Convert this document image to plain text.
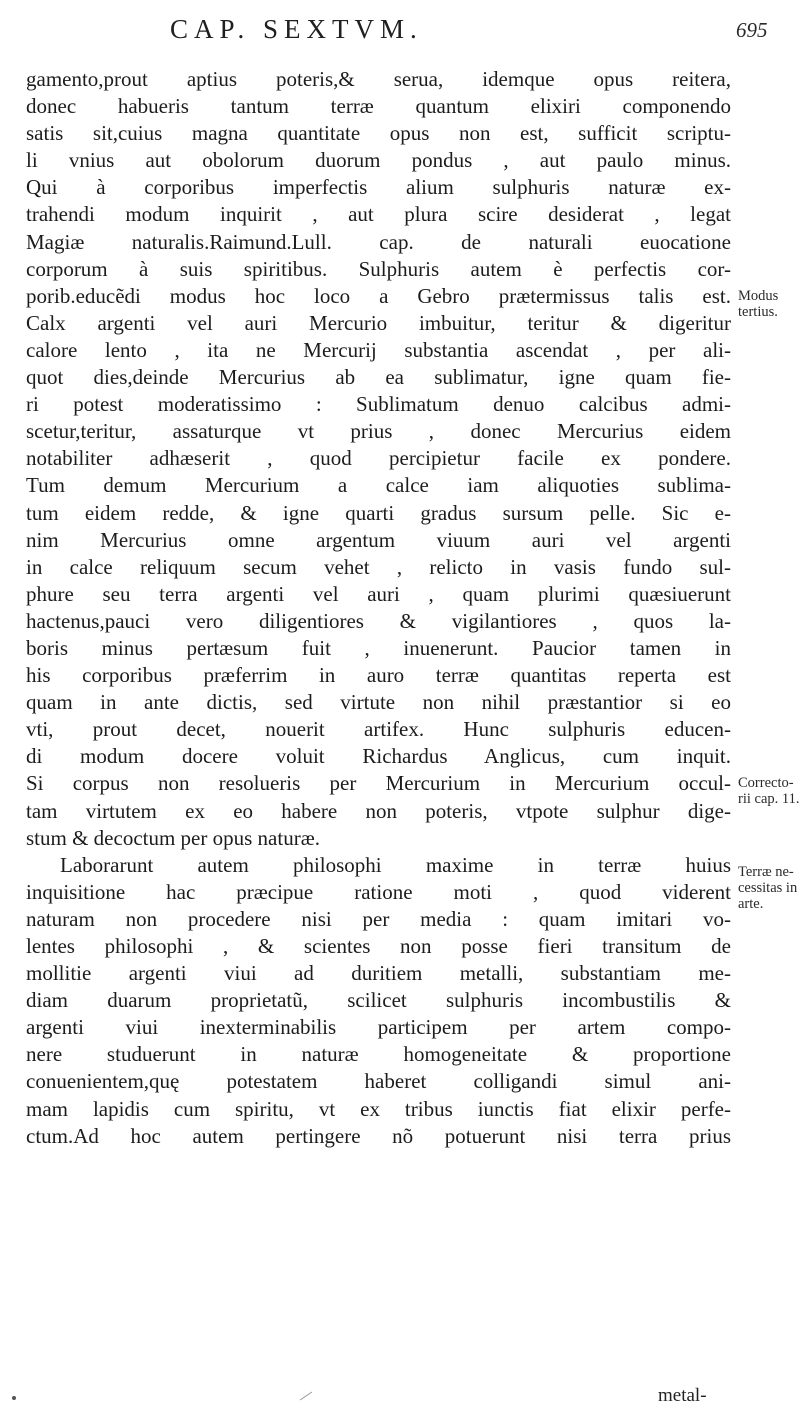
CAP. SEXTVM.	695
gamento,prout aptius poteris,& serua, idemque opus reitera,
donec habueris tantum terræ quantum elixiri componendo
satis sit,cuius magna quantitate opus non est, sufficit scriptu-
li vnius aut obolorum duorum pondus , aut paulo minus.
Qui à corporibus imperfectis alium sulphuris naturæ ex-
trahendi modum inquirit , aut plura scire desiderat , legat
Magiæ naturalis.Raimund.Lull. cap. de naturali euocatione
corporum à suis spiritibus. Sulphuris autem è perfectis cor-
porib.educẽdi modus hoc loco a Gebro prætermissus talis est.
Calx argenti vel auri Mercurio imbuitur, teritur & digeritur
calore lento , ita ne Mercurij substantia ascendat , per ali-
quot dies,deinde Mercurius ab ea sublimatur, igne quam fie-
ri potest moderatissimo : Sublimatum denuo calcibus admi-
scetur,teritur, assaturque vt prius , donec Mercurius eidem
notabiliter adhæserit , quod percipietur facile ex pondere.
Tum demum Mercurium a calce iam aliquoties sublima-
tum eidem redde, & igne quarti gradus sursum pelle. Sic e-
nim Mercurius omne argentum viuum auri vel argenti
in calce reliquum secum vehet , relicto in vasis fundo sul-
phure seu terra argenti vel auri , quam plurimi quæsiuerunt
hactenus,pauci vero diligentiores & vigilantiores , quos la-
boris minus pertæsum fuit , inuenerunt. Paucior tamen in
his corporibus præferrim in auro terræ quantitas reperta est
quam in ante dictis, sed virtute non nihil præstantior si eo
vti, prout decet, nouerit artifex. Hunc sulphuris educen-
di modum docere voluit Richardus Anglicus, cum inquit.
Si corpus non resolueris per Mercurium in Mercurium occul-
tam virtutem ex eo habere non poteris, vtpote sulphur dige-
stum & decoctum per opus naturæ.
Laborarunt autem philosophi maxime in terræ huius
inquisitione hac præcipue ratione moti , quod viderent
naturam non procedere nisi per media : quam imitari vo-
lentes philosophi , & scientes non posse fieri transitum de
mollitie argenti viui ad duritiem metalli, substantiam me-
diam duarum proprietatũ, scilicet sulphuris incombustilis &
argenti viui inexterminabilis participem per artem compo-
nere studuerunt in naturæ homogeneitate & proportione
conuenientem,quę potestatem haberet colligandi simul ani-
mam lapidis cum spiritu, vt ex tribus iunctis fiat elixir perfe-
ctum.Ad hoc autem pertingere nõ potuerunt nisi terra prius
Modus
tertius.
Correcto-
rii cap. 11.
Terræ ne-
cessitas in
arte.
metal-
